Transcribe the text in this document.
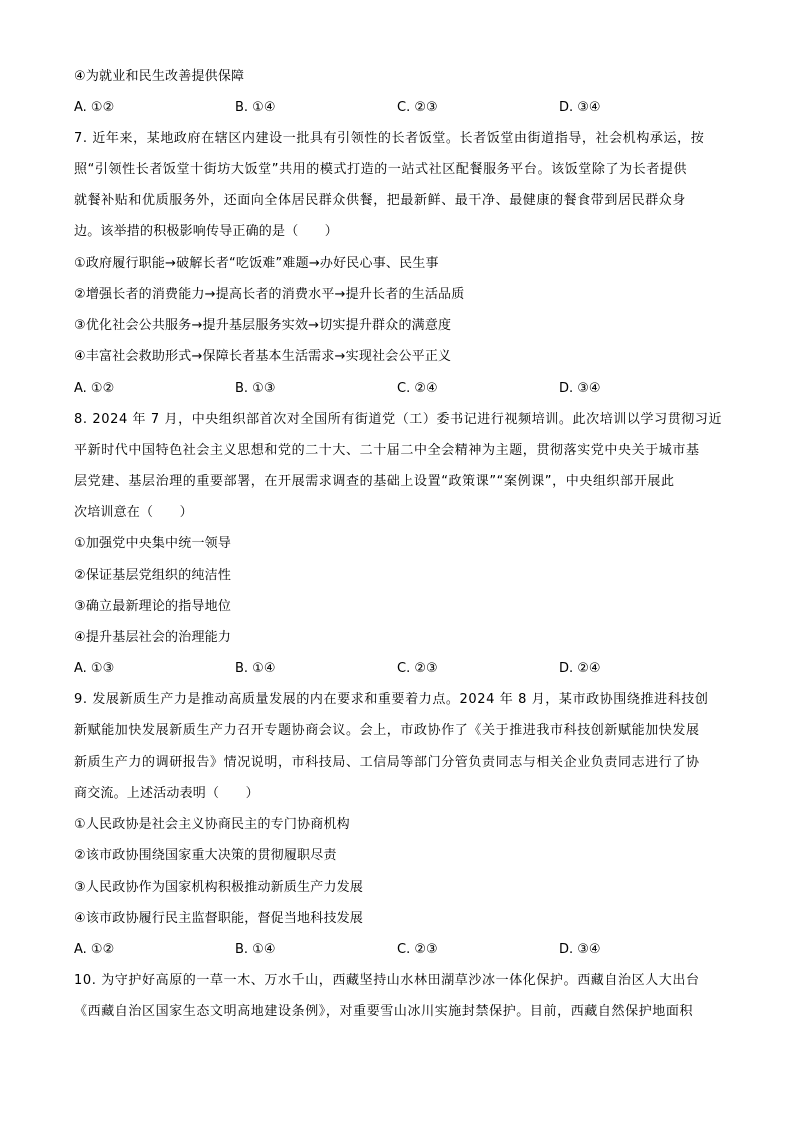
④为就业和民生改善提供保障
A. ①②	B. ①④	C. ②③	D. ③④
7. 近年来，某地政府在辖区内建设一批具有引领性的长者饭堂。长者饭堂由街道指导，社会机构承运，按
照“引领性长者饭堂十街坊大饭堂”共用的模式打造的一站式社区配餐服务平台。该饭堂除了为长者提供
就餐补贴和优质服务外，还面向全体居民群众供餐，把最新鲜、最干净、最健康的餐食带到居民群众身
边。该举措的积极影响传导正确的是（　　）
①政府履行职能→破解长者“吃饭难”难题→办好民心事、民生事
②增强长者的消费能力→提高长者的消费水平→提升长者的生活品质
③优化社会公共服务→提升基层服务实效→切实提升群众的满意度
④丰富社会救助形式→保障长者基本生活需求→实现社会公平正义
A. ①②	B. ①③	C. ②④	D. ③④
8. 2024 年 7 月，中央组织部首次对全国所有街道党（工）委书记进行视频培训。此次培训以学习贯彻习近
平新时代中国特色社会主义思想和党的二十大、二十届二中全会精神为主题，贯彻落实党中央关于城市基
层党建、基层治理的重要部署，在开展需求调查的基础上设置“政策课”“案例课”，中央组织部开展此
次培训意在（　　）
①加强党中央集中统一领导
②保证基层党组织的纯洁性
③确立最新理论的指导地位
④提升基层社会的治理能力
A. ①③	B. ①④	C. ②③	D. ②④
9. 发展新质生产力是推动高质量发展的内在要求和重要着力点。2024 年 8 月，某市政协围绕推进科技创
新赋能加快发展新质生产力召开专题协商会议。会上，市政协作了《关于推进我市科技创新赋能加快发展
新质生产力的调研报告》情况说明，市科技局、工信局等部门分管负责同志与相关企业负责同志进行了协
商交流。上述活动表明（　　）
①人民政协是社会主义协商民主的专门协商机构
②该市政协围绕国家重大决策的贯彻履职尽责
③人民政协作为国家机构积极推动新质生产力发展
④该市政协履行民主监督职能，督促当地科技发展
A. ①②	B. ①④	C. ②③	D. ③④
10. 为守护好高原的一草一木、万水千山，西藏坚持山水林田湖草沙冰一体化保护。西藏自治区人大出台
《西藏自治区国家生态文明高地建设条例》，对重要雪山冰川实施封禁保护。目前，西藏自然保护地面积
